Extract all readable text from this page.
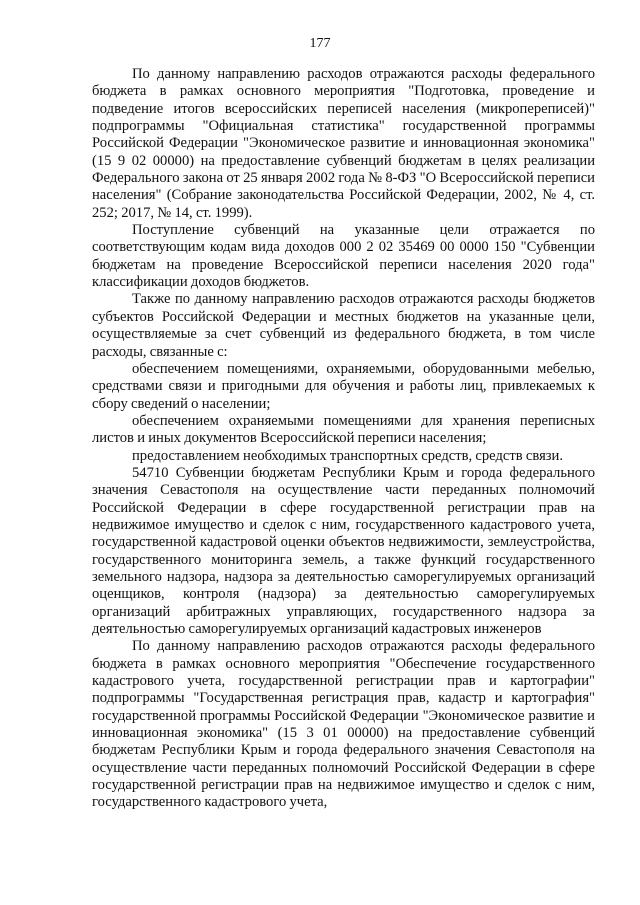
177

По данному направлению расходов отражаются расходы федерального бюджета в рамках основного мероприятия "Подготовка, проведение и подведение итогов всероссийских переписей населения (микропереписей)" подпрограммы "Официальная статистика" государственной программы Российской Федерации "Экономическое развитие и инновационная экономика" (15 9 02 00000) на предоставление субвенций бюджетам в целях реализации Федерального закона от 25 января 2002 года № 8-ФЗ "О Всероссийской переписи населения" (Собрание законодательства Российской Федерации, 2002, № 4, ст. 252; 2017, № 14, ст. 1999).

Поступление субвенций на указанные цели отражается по соответствующим кодам вида доходов 000 2 02 35469 00 0000 150 "Субвенции бюджетам на проведение Всероссийской переписи населения 2020 года" классификации доходов бюджетов.

Также по данному направлению расходов отражаются расходы бюджетов субъектов Российской Федерации и местных бюджетов на указанные цели, осуществляемые за счет субвенций из федерального бюджета, в том числе расходы, связанные с:

обеспечением помещениями, охраняемыми, оборудованными мебелью, средствами связи и пригодными для обучения и работы лиц, привлекаемых к сбору сведений о населении;

обеспечением охраняемыми помещениями для хранения переписных листов и иных документов Всероссийской переписи населения;

предоставлением необходимых транспортных средств, средств связи.

54710 Субвенции бюджетам Республики Крым и города федерального значения Севастополя на осуществление части переданных полномочий Российской Федерации в сфере государственной регистрации прав на недвижимое имущество и сделок с ним, государственного кадастрового учета, государственной кадастровой оценки объектов недвижимости, землеустройства, государственного мониторинга земель, а также функций государственного земельного надзора, надзора за деятельностью саморегулируемых организаций оценщиков, контроля (надзора) за деятельностью саморегулируемых организаций арбитражных управляющих, государственного надзора за деятельностью саморегулируемых организаций кадастровых инженеров

По данному направлению расходов отражаются расходы федерального бюджета в рамках основного мероприятия "Обеспечение государственного кадастрового учета, государственной регистрации прав и картографии" подпрограммы "Государственная регистрация прав, кадастр и картография" государственной программы Российской Федерации "Экономическое развитие и инновационная экономика" (15 3 01 00000) на предоставление субвенций бюджетам Республики Крым и города федерального значения Севастополя на осуществление части переданных полномочий Российской Федерации в сфере государственной регистрации прав на недвижимое имущество и сделок с ним, государственного кадастрового учета,
